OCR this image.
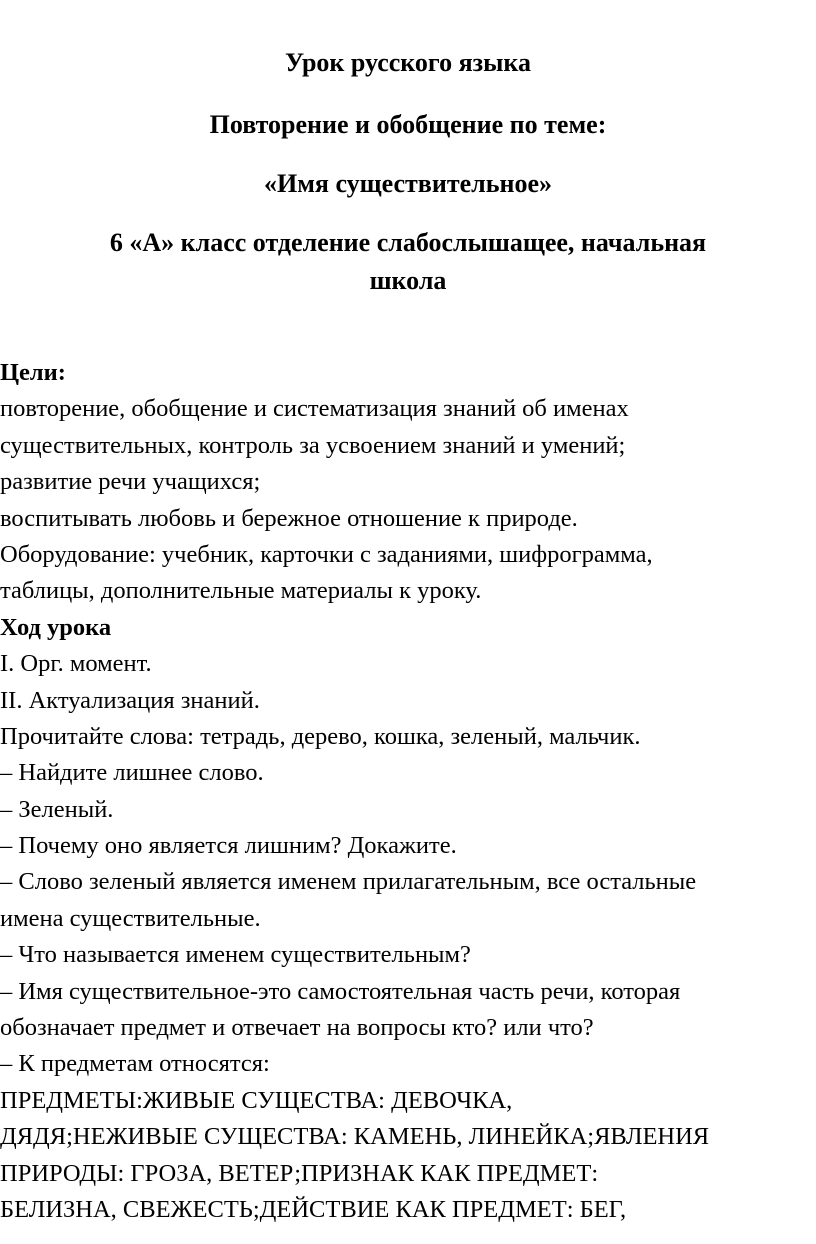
Урок русского языка
Повторение и обобщение по теме:
«Имя существительное»
6 «А» класс отделение слабослышащее, начальная
школа
Цели:
повторение, обобщение и систематизация знаний об именах
существительных, контроль за усвоением знаний и умений;
развитие речи учащихся;
воспитывать любовь и бережное отношение к природе.
Оборудование: учебник, карточки с заданиями, шифрограмма,
таблицы, дополнительные материалы к уроку.
Ход урока
I. Орг. момент.
II. Актуализация знаний.
Прочитайте слова: тетрадь, дерево, кошка, зеленый, мальчик.
– Найдите лишнее слово.
– Зеленый.
– Почему оно является лишним? Докажите.
– Слово зеленый является именем прилагательным, все остальные
имена существительные.
– Что называется именем существительным?
– Имя существительное-это самостоятельная часть речи, которая
обозначает предмет и отвечает на вопросы кто? или что?
– К предметам относятся:
ПРЕДМЕТЫ:ЖИВЫЕ СУЩЕСТВА: ДЕВОЧКА,
ДЯДЯ;НЕЖИВЫЕ СУЩЕСТВА: КАМЕНЬ, ЛИНЕЙКА;ЯВЛЕНИЯ
ПРИРОДЫ: ГРОЗА, ВЕТЕР;ПРИЗНАК КАК ПРЕДМЕТ:
БЕЛИЗНА, СВЕЖЕСТЬ;ДЕЙСТВИЕ КАК ПРЕДМЕТ: БЕГ,
